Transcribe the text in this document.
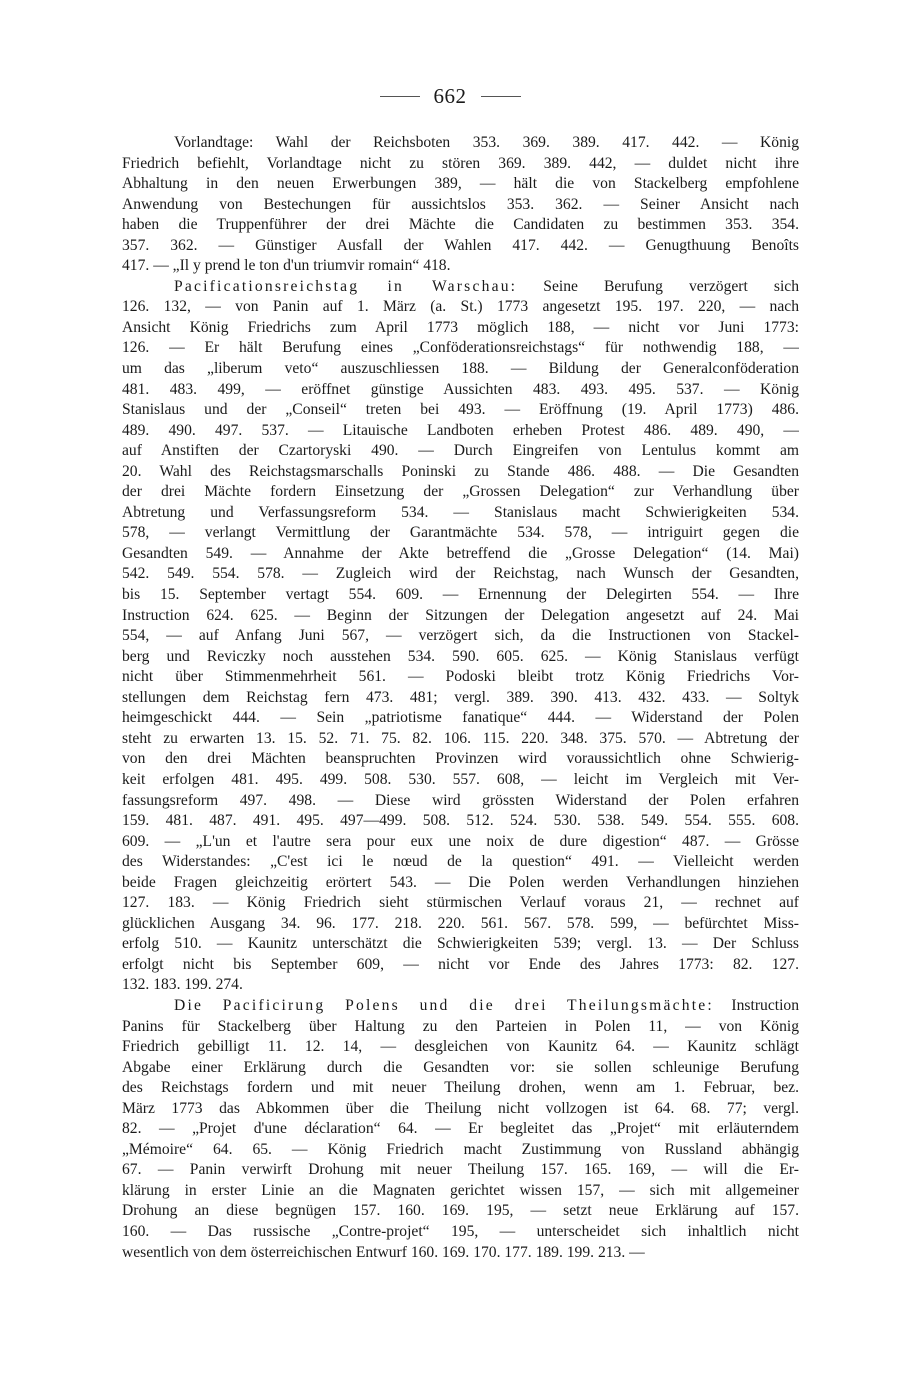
662
Vorlandtage: Wahl der Reichsboten 353. 369. 389. 417. 442. — König
Friedrich befiehlt, Vorlandtage nicht zu stören 369. 389. 442, — duldet nicht ihre
Abhaltung in den neuen Erwerbungen 389, — hält die von Stackelberg empfohlene
Anwendung von Bestechungen für aussichtslos 353. 362. — Seiner Ansicht nach
haben die Truppenführer der drei Mächte die Candidaten zu bestimmen 353. 354.
357. 362. — Günstiger Ausfall der Wahlen 417. 442. — Genugthuung Benoîts
417. — „Il y prend le ton d'un triumvir romain“ 418.
Pacificationsreichstag in Warschau: Seine Berufung verzögert sich
126. 132, — von Panin auf 1. März (a. St.) 1773 angesetzt 195. 197. 220, — nach
Ansicht König Friedrichs zum April 1773 möglich 188, — nicht vor Juni 1773:
126. — Er hält Berufung eines „Conföderationsreichstags“ für nothwendig 188, —
um das „liberum veto“ auszuschliessen 188. — Bildung der Generalconföderation
481. 483. 499, — eröffnet günstige Aussichten 483. 493. 495. 537. — König
Stanislaus und der „Conseil“ treten bei 493. — Eröffnung (19. April 1773) 486.
489. 490. 497. 537. — Litauische Landboten erheben Protest 486. 489. 490, —
auf Anstiften der Czartoryski 490. — Durch Eingreifen von Lentulus kommt am
20. Wahl des Reichstagsmarschalls Poninski zu Stande 486. 488. — Die Gesandten
der drei Mächte fordern Einsetzung der „Grossen Delegation“ zur Verhandlung über
Abtretung und Verfassungsreform 534. — Stanislaus macht Schwierigkeiten 534.
578, — verlangt Vermittlung der Garantmächte 534. 578, — intriguirt gegen die
Gesandten 549. — Annahme der Akte betreffend die „Grosse Delegation“ (14. Mai)
542. 549. 554. 578. — Zugleich wird der Reichstag, nach Wunsch der Gesandten,
bis 15. September vertagt 554. 609. — Ernennung der Delegirten 554. — Ihre
Instruction 624. 625. — Beginn der Sitzungen der Delegation angesetzt auf 24. Mai
554, — auf Anfang Juni 567, — verzögert sich, da die Instructionen von Stackel-
berg und Reviczky noch ausstehen 534. 590. 605. 625. — König Stanislaus verfügt
nicht über Stimmenmehrheit 561. — Podoski bleibt trotz König Friedrichs Vor-
stellungen dem Reichstag fern 473. 481; vergl. 389. 390. 413. 432. 433. — Soltyk
heimgeschickt 444. — Sein „patriotisme fanatique“ 444. — Widerstand der Polen
steht zu erwarten 13. 15. 52. 71. 75. 82. 106. 115. 220. 348. 375. 570. — Abtretung der
von den drei Mächten beanspruchten Provinzen wird voraussichtlich ohne Schwierig-
keit erfolgen 481. 495. 499. 508. 530. 557. 608, — leicht im Vergleich mit Ver-
fassungsreform 497. 498. — Diese wird grössten Widerstand der Polen erfahren
159. 481. 487. 491. 495. 497—499. 508. 512. 524. 530. 538. 549. 554. 555. 608.
609. — „L'un et l'autre sera pour eux une noix de dure digestion“ 487. — Grösse
des Widerstandes: „C'est ici le nœud de la question“ 491. — Vielleicht werden
beide Fragen gleichzeitig erörtert 543. — Die Polen werden Verhandlungen hinziehen
127. 183. — König Friedrich sieht stürmischen Verlauf voraus 21, — rechnet auf
glücklichen Ausgang 34. 96. 177. 218. 220. 561. 567. 578. 599, — befürchtet Miss-
erfolg 510. — Kaunitz unterschätzt die Schwierigkeiten 539; vergl. 13. — Der Schluss
erfolgt nicht bis September 609, — nicht vor Ende des Jahres 1773: 82. 127.
132. 183. 199. 274.
Die Pacificirung Polens und die drei Theilungsmächte: Instruction
Panins für Stackelberg über Haltung zu den Parteien in Polen 11, — von König
Friedrich gebilligt 11. 12. 14, — desgleichen von Kaunitz 64. — Kaunitz schlägt
Abgabe einer Erklärung durch die Gesandten vor: sie sollen schleunige Berufung
des Reichstags fordern und mit neuer Theilung drohen, wenn am 1. Februar, bez.
März 1773 das Abkommen über die Theilung nicht vollzogen ist 64. 68. 77; vergl.
82. — „Projet d'une déclaration“ 64. — Er begleitet das „Projet“ mit erläuterndem
„Mémoire“ 64. 65. — König Friedrich macht Zustimmung von Russland abhängig
67. — Panin verwirft Drohung mit neuer Theilung 157. 165. 169, — will die Er-
klärung in erster Linie an die Magnaten gerichtet wissen 157, — sich mit allgemeiner
Drohung an diese begnügen 157. 160. 169. 195, — setzt neue Erklärung auf 157.
160. — Das russische „Contre-projet“ 195, — unterscheidet sich inhaltlich nicht
wesentlich von dem österreichischen Entwurf 160. 169. 170. 177. 189. 199. 213. —
